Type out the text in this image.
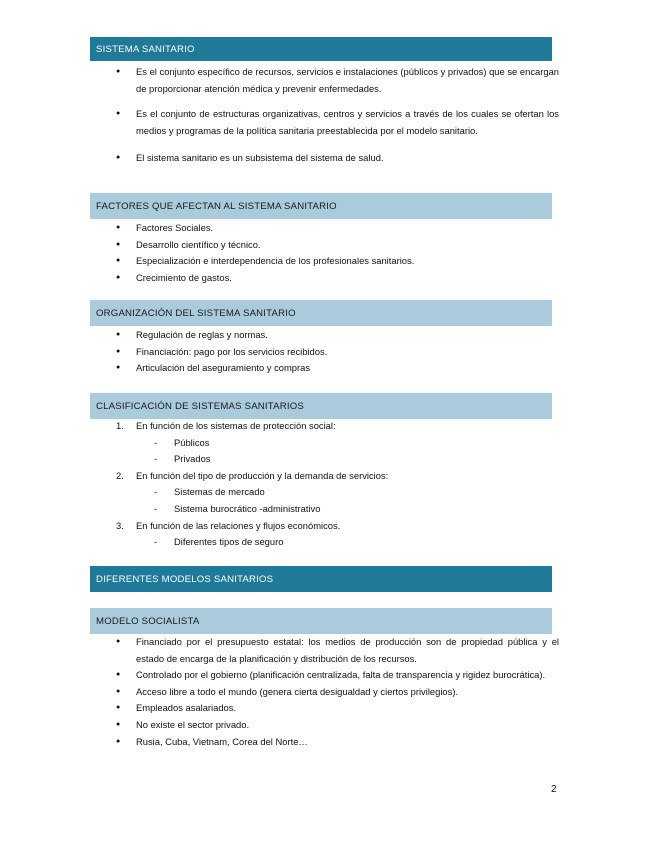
SISTEMA SANITARIO
● Es el conjunto específico de recursos, servicios e instalaciones (públicos y privados) que se encargan de proporcionar atención médica y prevenir enfermedades.
● Es el conjunto de estructuras organizativas, centros y servicios a través de los cuales se ofertan los medios y programas de la política sanitaria preestablecida por el modelo sanitario.
● El sistema sanitario es un subsistema del sistema de salud.
FACTORES QUE AFECTAN AL SISTEMA SANITARIO
● Factores Sociales.
● Desarrollo científico y técnico.
● Especialización e interdependencia de los profesionales sanitarios.
● Crecimiento de gastos.
ORGANIZACIÓN DEL SISTEMA SANITARIO
● Regulación de reglas y normas.
● Financiación: pago por los servicios recibidos.
● Articulación del aseguramiento y compras
CLASIFICACIÓN DE SISTEMAS SANITARIOS
1. En función de los sistemas de protección social:
- Públicos
- Privados
2. En función del tipo de producción y la demanda de servicios:
- Sistemas de mercado
- Sistema burocrático -administrativo
3. En función de las relaciones y flujos económicos.
- Diferentes tipos de seguro
DIFERENTES MODELOS SANITARIOS
MODELO SOCIALISTA
● Financiado por el presupuesto estatal: los medios de producción son de propiedad pública y el estado de encarga de la planificación y distribución de los recursos.
● Controlado por el gobierno (planificación centralizada, falta de transparencia y rigidez burocrática).
● Acceso libre a todo el mundo (genera cierta desigualdad y ciertos privilegios).
● Empleados asalariados.
● No existe el sector privado.
● Rusia, Cuba, Vietnam, Corea del Norte…
2
